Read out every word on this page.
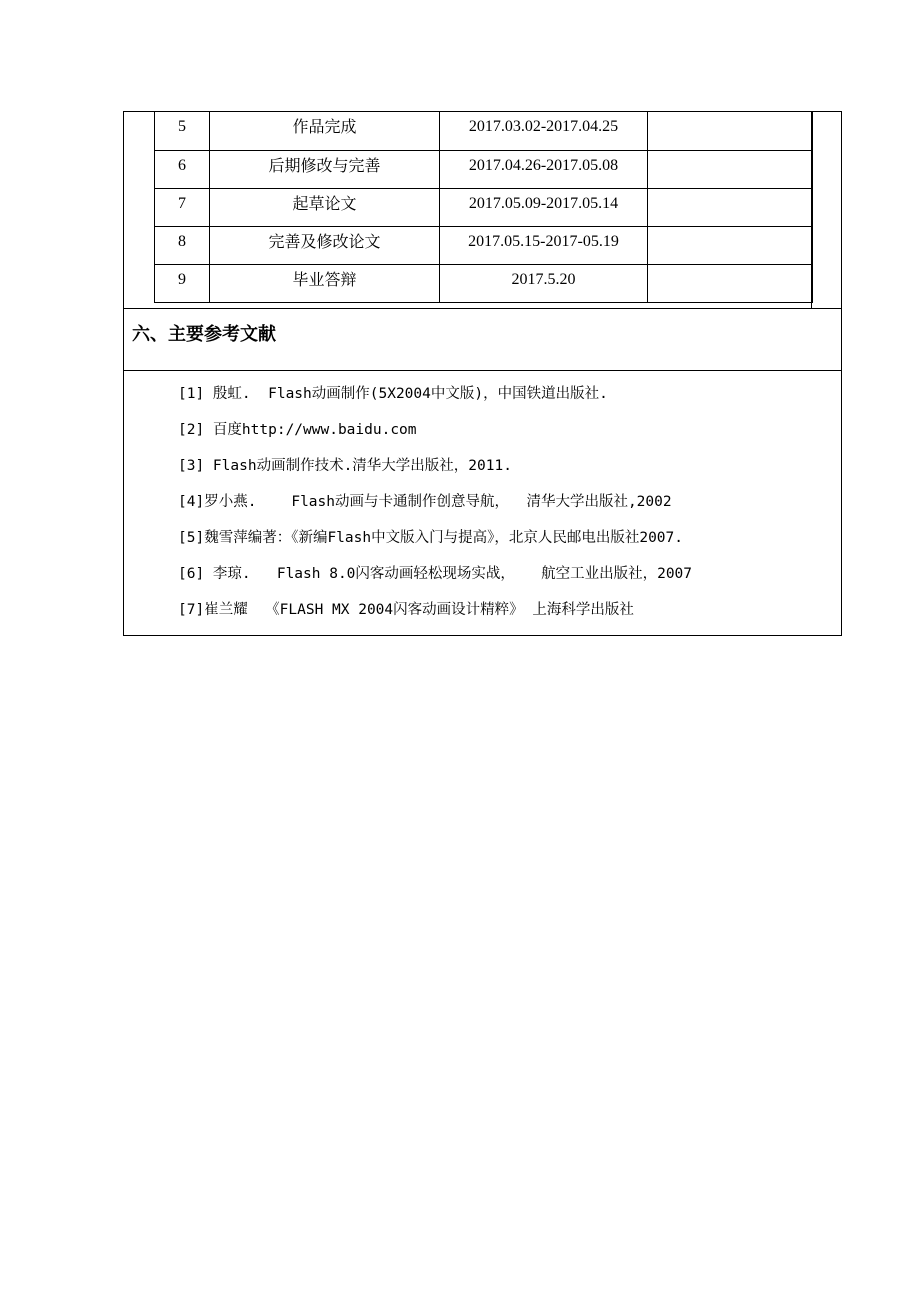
5	作品完成	2017.03.02-2017.04.25	
6	后期修改与完善	2017.04.26-2017.05.08	
7	起草论文	2017.05.09-2017.05.14	
8	完善及修改论文	2017.05.15-2017-05.19	
9	毕业答辩	2017.5.20	
六、主要参考文献
[1] 殷虹.  Flash动画制作(5X2004中文版)，中国铁道出版社.
[2] 百度http://www.baidu.com
[3] Flash动画制作技术.清华大学出版社，2011.
[4]罗小燕.    Flash动画与卡通制作创意导航，  清华大学出版社,2002
[5]魏雪萍编著：《新编Flash中文版入门与提高》，北京人民邮电出版社2007.
[6] 李琼.   Flash 8.0闪客动画轻松现场实战，   航空工业出版社，2007
[7]崔兰耀  《FLASH MX 2004闪客动画设计精粹》 上海科学出版社
